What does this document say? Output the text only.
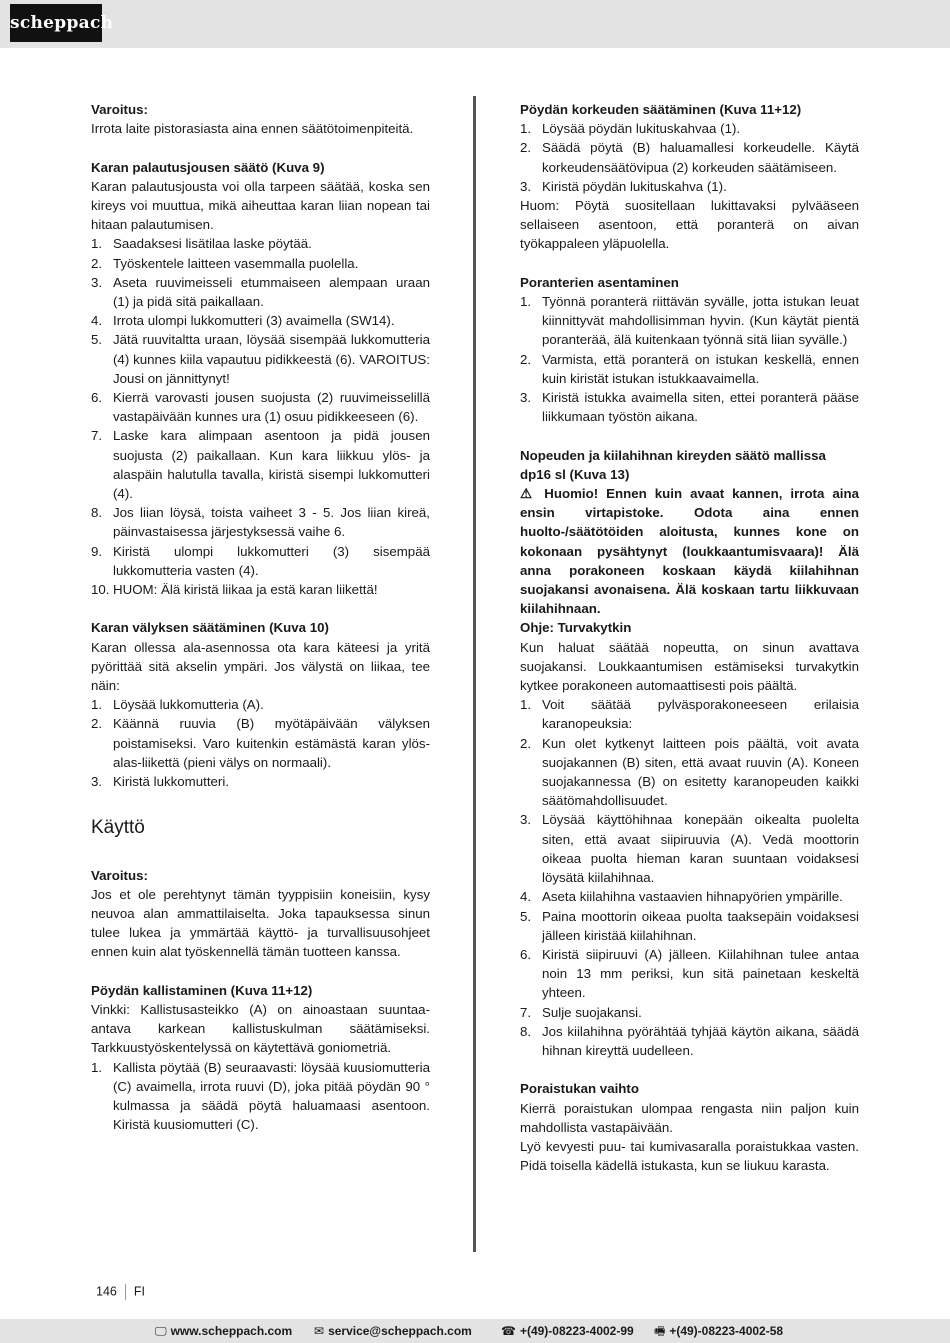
scheppach
Varoitus:

Irrota laite pistorasiasta aina ennen säätötoimenpiteitä.

Karan palautusjousen säätö (Kuva 9)

Karan palautusjousta voi olla tarpeen säätää, koska sen kireys voi muuttua, mikä aiheuttaa karan liian nopean tai hitaan palautumisen.

1. Saadaksesi lisätilaa laske pöytää.
2. Työskentele laitteen vasemmalla puolella.
3. Aseta ruuvimeisseli etummaiseen alempaan uraan (1) ja pidä sitä paikallaan.
4. Irrota ulompi lukkomutteri (3) avaimella (SW14).
5. Jätä ruuvitaltta uraan, löysää sisempää lukkomutteria (4) kunnes kiila vapautuu pidikkeestä (6). VAROITUS: Jousi on jännittynyt!
6. Kierrä varovasti jousen suojusta (2) ruuvimeisselillä vastapäivään kunnes ura (1) osuu pidikkeeseen (6).
7. Laske kara alimpaan asentoon ja pidä jousen suojusta (2) paikallaan. Kun kara liikkuu ylös- ja alaspäin halutulla tavalla, kiristä sisempi lukkomutteri (4).
8. Jos liian löysä, toista vaiheet 3 - 5. Jos liian kireä, päinvastaisessa järjestyksessä vaihe 6.
9. Kiristä ulompi lukkomutteri (3) sisempää lukkomutteria vasten (4).
10. HUOM: Älä kiristä liikaa ja estä karan liikettä!
Karan välyksen säätäminen (Kuva 10)

Karan ollessa ala-asennossa ota kara käteesi ja yritä pyörittää sitä akselin ympäri. Jos välystä on liikaa, tee näin:

1. Löysää lukkomutteria (A).
2. Käännä ruuvia (B) myötäpäivään välyksen poistamiseksi. Varo kuitenkin estämästä karan ylös-alas-liikettä (pieni välys on normaali).
3. Kiristä lukkomutteri.
Käyttö
Varoitus:

Jos et ole perehtynyt tämän tyyppisiin koneisiin, kysy neuvoa alan ammattilaiselta. Joka tapauksessa sinun tulee lukea ja ymmärtää käyttö- ja turvallisuusohjeet ennen kuin alat työskennellä tämän tuotteen kanssa.

Pöydän kallistaminen (Kuva 11+12)

Vinkki: Kallistusasteikko (A) on ainoastaan suuntaa-antava karkean kallistuskulman säätämiseksi. Tarkkuustyöskentelyssä on käytettävä goniometriä.

1. Kallista pöytää (B) seuraavasti: löysää kuusiomutteria (C) avaimella, irrota ruuvi (D), joka pitää pöydän 90 ° kulmassa ja säädä pöytä haluamaasi asentoon. Kiristä kuusiomutteri (C).
Pöydän korkeuden säätäminen (Kuva 11+12)
1. Löysää pöydän lukituskahvaa (1).
2. Säädä pöytä (B) haluamallesi korkeudelle. Käytä korkeudensäätövipua (2) korkeuden säätämiseen.
3. Kiristä pöydän lukituskahva (1).

Huom: Pöytä suositellaan lukittavaksi pylvääseen sellaiseen asentoon, että poranterä on aivan työkappaleen yläpuolella.

Poranterien asentaminen
1. Työnnä poranterä riittävän syvälle, jotta istukan leuat kiinnittyvät mahdollisimman hyvin. (Kun käytät pientä poranterää, älä kuitenkaan työnnä sitä liian syvälle.)
2. Varmista, että poranterä on istukan keskellä, ennen kuin kiristät istukan istukkaavaimella.
3. Kiristä istukka avaimella siten, ettei poranterä pääse liikkumaan työstön aikana.
Nopeuden ja kiilahihnan kireyden säätö mallissa dp16 sl (Kuva 13)

⚠ Huomio! Ennen kuin avaat kannen, irrota aina ensin virtapistoke. Odota aina ennen huolto-/säätötöiden aloitusta, kunnes kone on kokonaan pysähtynyt (loukkaantumisvaara)! Älä anna porakoneen koskaan käydä kiilahihnan suojakansi avonaisena. Älä koskaan tartu liikkuvaan kiilahihnaan.

Ohje: Turvakytkin

Kun haluat säätää nopeutta, on sinun avattava suojakansi. Loukkaantumisen estämiseksi turvakytkin kytkee porakoneen automaattisesti pois päältä.

1. Voit säätää pylväsporakoneeseen erilaisia karanopeuksia:
2. Kun olet kytkenyt laitteen pois päältä, voit avata suojakannen (B) siten, että avaat ruuvin (A). Koneen suojakannessa (B) on esitetty karanopeuden kaikki säätömahdollisuudet.
3. Löysää käyttöhihnaa konepään oikealta puolelta siten, että avaat siipiruuvia (A). Vedä moottorin oikeaa puolta hieman karan suuntaan voidaksesi löysätä kiilahihnaa.
4. Aseta kiilahihna vastaavien hihnapyörien ympärille.
5. Paina moottorin oikeaa puolta taaksepäin voidaksesi jälleen kiristää kiilahihnan.
6. Kiristä siipiruuvi (A) jälleen. Kiilahihnan tulee antaa noin 13 mm periksi, kun sitä painetaan keskeltä yhteen.
7. Sulje suojakansi.
8. Jos kiilahihna pyörähtää tyhjää käytön aikana, säädä hihnan kireyttä uudelleen.
Poraistukan vaihto

Kierrä poraistukan ulompaa rengasta niin paljon kuin mahdollista vastapäivään.

Lyö kevyesti puu- tai kumivasaralla poraistukkaa vasten. Pidä toisella kädellä istukasta, kun se liukuu karasta.

146 FI
🖵 www.scheppach.com ✉ service@scheppach.com ☎ +(49)-08223-4002-99 🖷 +(49)-08223-4002-58
